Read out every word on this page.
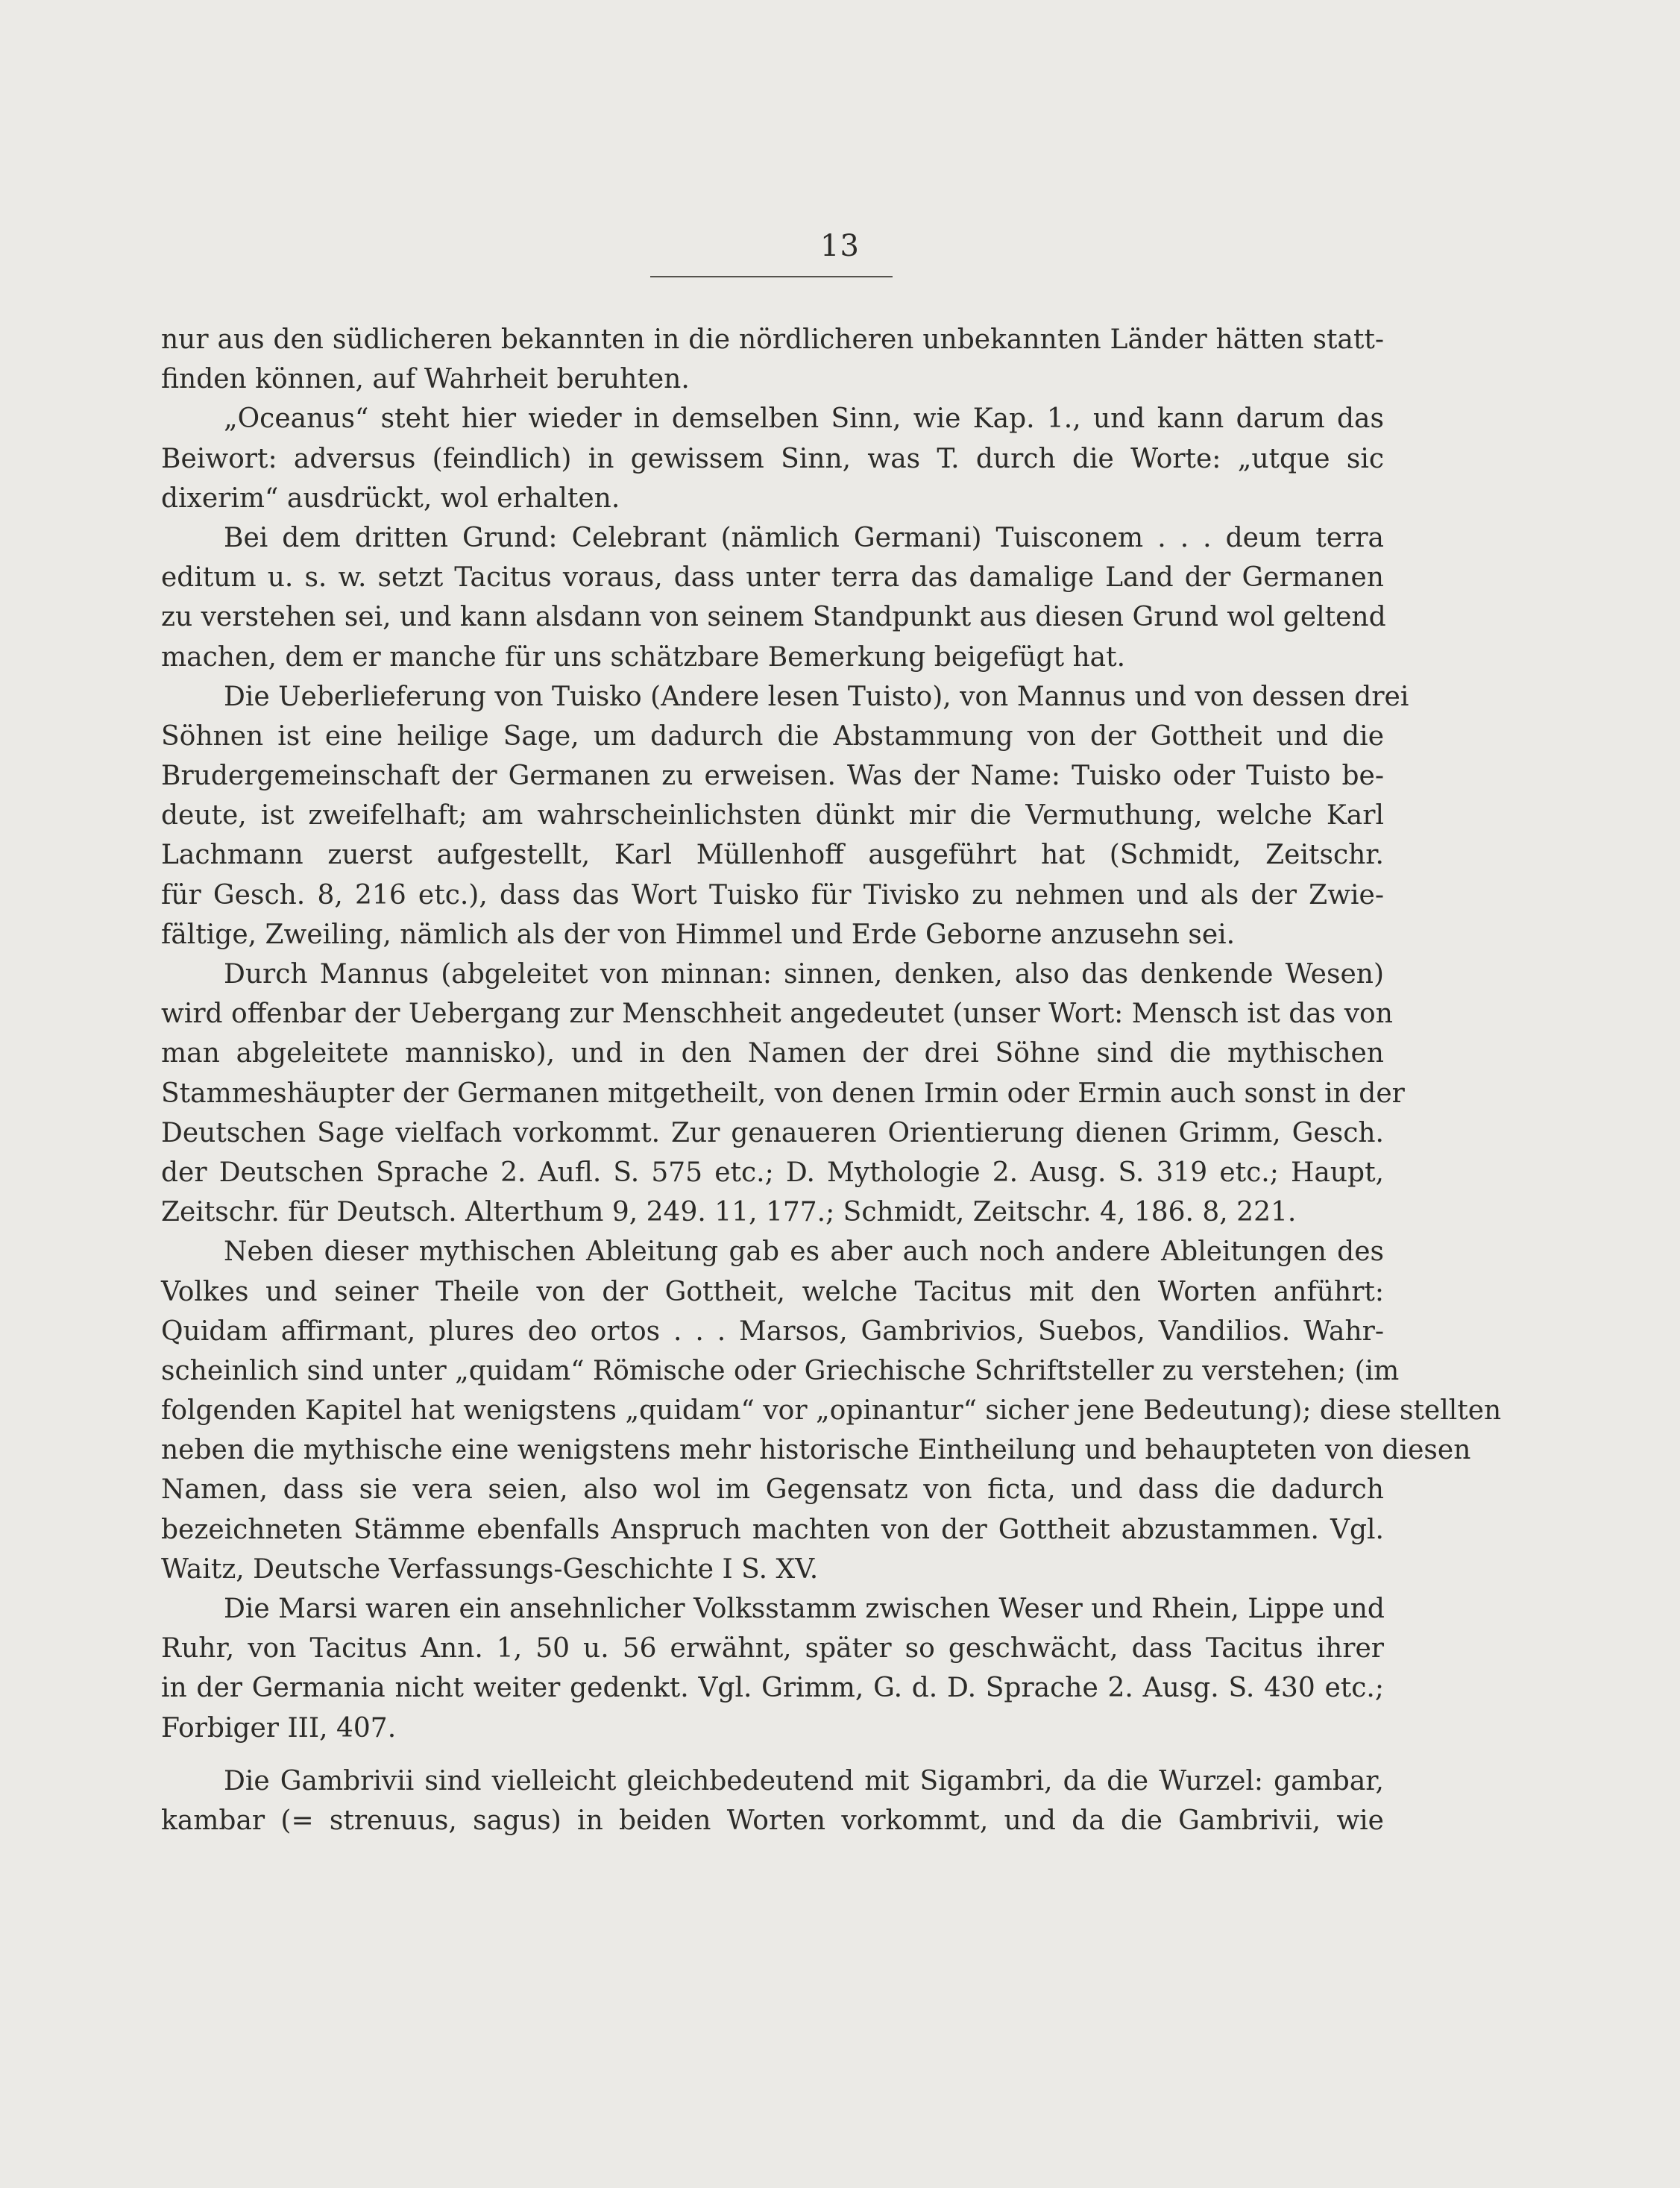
13
nur aus den südlicheren bekannten in die nördlicheren unbekannten Länder hätten statt-
finden können, auf Wahrheit beruhten.
„Oceanus“ steht hier wieder in demselben Sinn, wie Kap. 1., und kann darum das
Beiwort: adversus (feindlich) in gewissem Sinn, was T. durch die Worte: „utque sic
dixerim“ ausdrückt, wol erhalten.
Bei dem dritten Grund: Celebrant (nämlich Germani) Tuisconem . . . deum terra
editum u. s. w. setzt Tacitus voraus, dass unter terra das damalige Land der Germanen
zu verstehen sei, und kann alsdann von seinem Standpunkt aus diesen Grund wol geltend
machen, dem er manche für uns schätzbare Bemerkung beigefügt hat.
Die Ueberlieferung von Tuisko (Andere lesen Tuisto), von Mannus und von dessen drei
Söhnen ist eine heilige Sage, um dadurch die Abstammung von der Gottheit und die
Brudergemeinschaft der Germanen zu erweisen. Was der Name: Tuisko oder Tuisto be-
deute, ist zweifelhaft; am wahrscheinlichsten dünkt mir die Vermuthung, welche Karl
Lachmann zuerst aufgestellt, Karl Müllenhoff ausgeführt hat (Schmidt, Zeitschr.
für Gesch. 8, 216 etc.), dass das Wort Tuisko für Tivisko zu nehmen und als der Zwie-
fältige, Zweiling, nämlich als der von Himmel und Erde Geborne anzusehn sei.
Durch Mannus (abgeleitet von minnan: sinnen, denken, also das denkende Wesen)
wird offenbar der Uebergang zur Menschheit angedeutet (unser Wort: Mensch ist das von
man abgeleitete mannisko), und in den Namen der drei Söhne sind die mythischen
Stammeshäupter der Germanen mitgetheilt, von denen Irmin oder Ermin auch sonst in der
Deutschen Sage vielfach vorkommt. Zur genaueren Orientierung dienen Grimm, Gesch.
der Deutschen Sprache 2. Aufl. S. 575 etc.; D. Mythologie 2. Ausg. S. 319 etc.; Haupt,
Zeitschr. für Deutsch. Alterthum 9, 249. 11, 177.; Schmidt, Zeitschr. 4, 186. 8, 221.
Neben dieser mythischen Ableitung gab es aber auch noch andere Ableitungen des
Volkes und seiner Theile von der Gottheit, welche Tacitus mit den Worten anführt:
Quidam affirmant, plures deo ortos . . . Marsos, Gambrivios, Suebos, Vandilios. Wahr-
scheinlich sind unter „quidam“ Römische oder Griechische Schriftsteller zu verstehen; (im
folgenden Kapitel hat wenigstens „quidam“ vor „opinantur“ sicher jene Bedeutung); diese stellten
neben die mythische eine wenigstens mehr historische Eintheilung und behaupteten von diesen
Namen, dass sie vera seien, also wol im Gegensatz von ficta, und dass die dadurch
bezeichneten Stämme ebenfalls Anspruch machten von der Gottheit abzustammen. Vgl.
Waitz, Deutsche Verfassungs-Geschichte I S. XV.
Die Marsi waren ein ansehnlicher Volksstamm zwischen Weser und Rhein, Lippe und
Ruhr, von Tacitus Ann. 1, 50 u. 56 erwähnt, später so geschwächt, dass Tacitus ihrer
in der Germania nicht weiter gedenkt. Vgl. Grimm, G. d. D. Sprache 2. Ausg. S. 430 etc.;
Forbiger III, 407.
Die Gambrivii sind vielleicht gleichbedeutend mit Sigambri, da die Wurzel: gambar,
kambar (= strenuus, sagus) in beiden Worten vorkommt, und da die Gambrivii, wie
